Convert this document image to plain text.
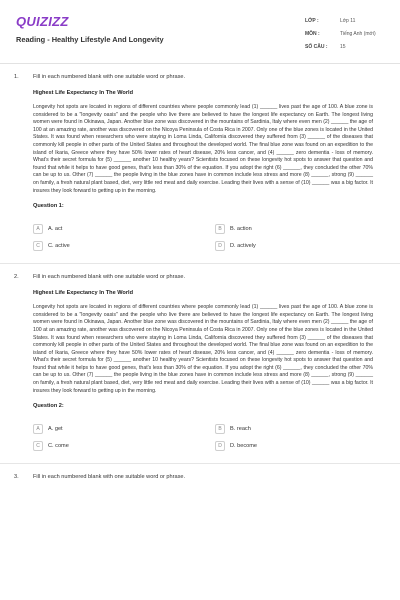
QUIZIZZ
Reading - Healthy Lifestyle And Longevity
LỚP :	Lớp 11
MÔN :	Tiếng Anh (mới)
SỐ CÂU :	15
1.	Fill in each numbered blank with one suitable word or phrase.
Highest Life Expectancy In The World
Longevity hot spots are located in regions of different countries where people commonly lead (1) ______ lives past the age of 100. A blue zone is considered to be a "longevity oasis" and the people who live there are believed to have the longest life expectancy on Earth. The longest living women were found in Okinawa, Japan. Another blue zone was discovered in the mountains of Sardinia, Italy where even men (2) ______ the age of 100 at an amazing rate, another was discovered on the Nicoya Peninsula of Costa Rica in 2007. Only one of the blue zones is located in the United States. It was found when researchers who were staying in Loma Linda, California discovered they suffered from (3) ______ of the diseases that commonly kill people in other parts of the United States and throughout the developed world. The final blue zone was found on an expedition to the island of Ikaria, Greece where they have 50% lower rates of heart disease, 20% less cancer, and (4) ______ zero dementia - loss of memory. What's their secret formula for (5) ______ another 10 healthy years? Scientists focused on these longevity hot spots to answer that question and found that while it helps to have good genes, that's less than 30% of the equation. If you adopt the right (6) ______, they concluded the other 70% can be up to us. Other (7) ______ the people living in the blue zones have in common include less stress and more (8) ______, strong (9) ______ on family, a fresh natural plant based, diet, very little red meat and daily exercise. Leading their lives with a sense of (10) ______ was a big factor. It insures they look forward to getting up in the morning.
Question 1:
A	A. act	B	B. action
C	C. active	D	D. actively
2.	Fill in each numbered blank with one suitable word or phrase.
Highest Life Expectancy In The World
Longevity hot spots are located in regions of different countries where people commonly lead (1) ______ lives past the age of 100. A blue zone is considered to be a "longevity oasis" and the people who live there are believed to have the longest life expectancy on Earth. The longest living women were found in Okinawa, Japan. Another blue zone was discovered in the mountains of Sardinia, Italy where even men (2) ______ the age of 100 at an amazing rate, another was discovered on the Nicoya Peninsula of Costa Rica in 2007. Only one of the blue zones is located in the United States. It was found when researchers who were staying in Loma Linda, California discovered they suffered from (3) ______ of the diseases that commonly kill people in other parts of the United States and throughout the developed world. The final blue zone was found on an expedition to the island of Ikaria, Greece where they have 50% lower rates of heart disease, 20% less cancer, and (4) ______ zero dementia - loss of memory. What's their secret formula for (5) ______ another 10 healthy years? Scientists focused on these longevity hot spots to answer that question and found that while it helps to have good genes, that's less than 30% of the equation. If you adopt the right (6) ______, they concluded the other 70% can be up to us. Other (7) ______ the people living in the blue zones have in common include less stress and more (8) ______, strong (9) ______ on family, a fresh natural plant based, diet, very little red meat and daily exercise. Leading their lives with a sense of (10) ______ was a big factor. It insures they look forward to getting up in the morning.
Question 2:
A	A. get	B	B. reach
C	C. come	D	D. become
3.	Fill in each numbered blank with one suitable word or phrase.
